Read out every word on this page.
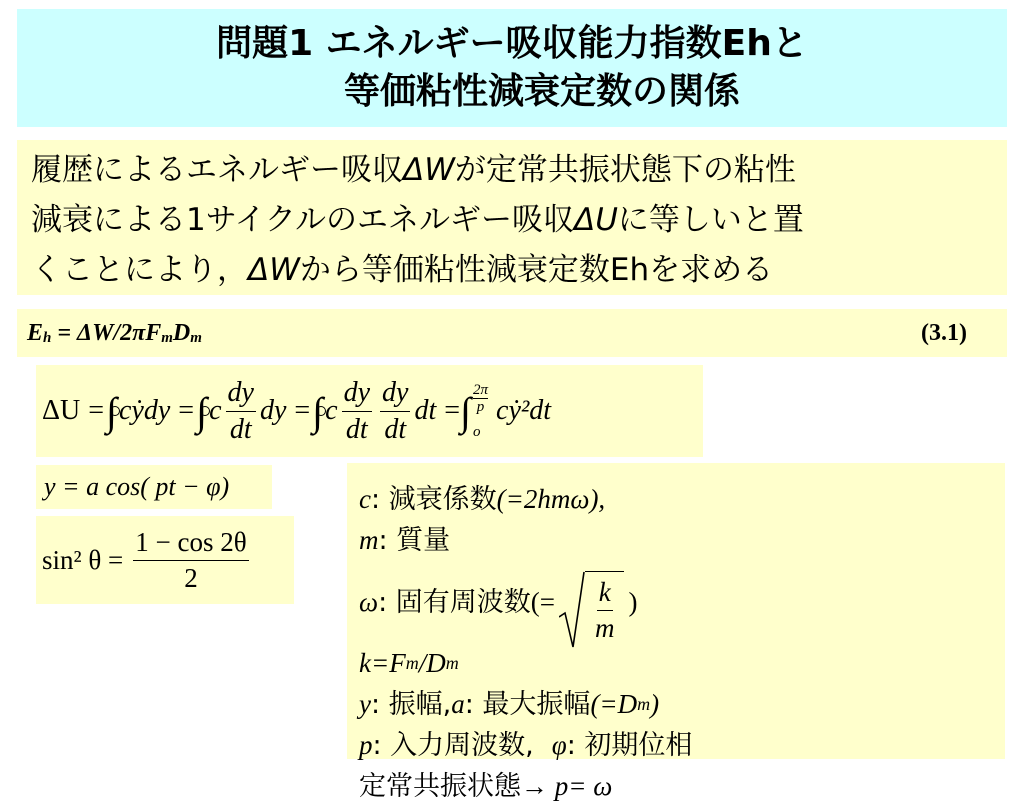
問題1 エネルギー吸収能力指数Ehと
等価粘性減衰定数の関係
履歴によるエネルギー吸収ΔWが定常共振状態下の粘性
減衰による1サイクルのエネルギー吸収ΔUに等しいと置
くことにより，ΔWから等価粘性減衰定数Ehを求める
$E_h = \Delta W/2\pi F_mD_m$	(3.1)
ΔU = ∫ cẏdy = ∫ c $\frac{dy}{dt}$ dy = ∫ c $\frac{dy}{dt} \frac{dy}{dt}$ dt = ∫ 2π
p
o
cẏ²dt
y = a cos( pt − φ)
sin² $\theta = \frac{1 - \cos 2\theta}{2}$
c : 減衰係数 (=2hmω),
m : 質量
ω : 固有周波数 (= $\frac{k}{m}$ )
k=F m /D m
y : 振幅, a : 最大振幅 (=D m )
p : 入力周波数, φ : 初期位相
定常共振状態 → p= ω
